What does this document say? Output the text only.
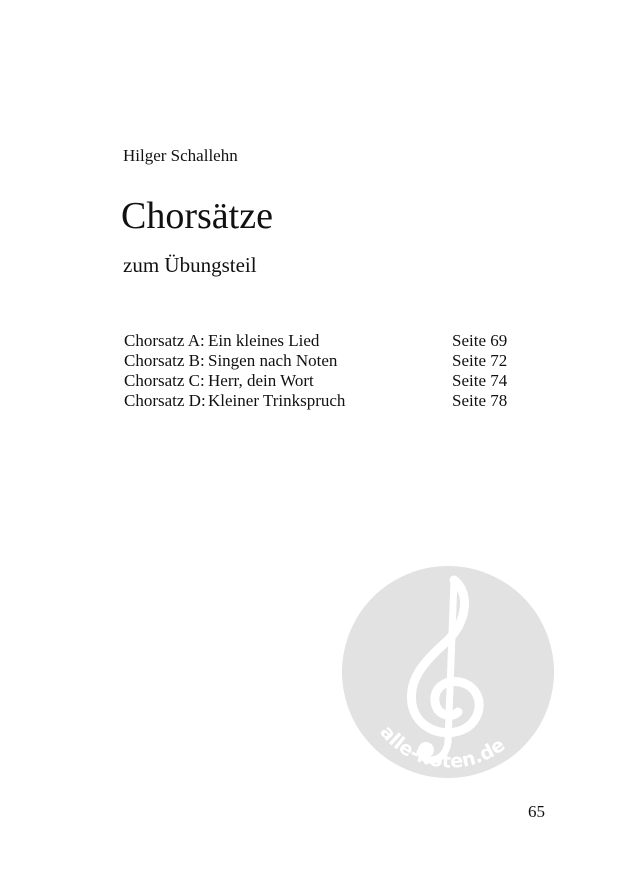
Hilger Schallehn
Chorsätze
zum Übungsteil
Chorsatz A: Ein kleines Lied	Seite 69
Chorsatz B: Singen nach Noten	Seite 72
Chorsatz C: Herr, dein Wort	Seite 74
Chorsatz D: Kleiner Trinkspruch	Seite 78
alle-noten.de
65
